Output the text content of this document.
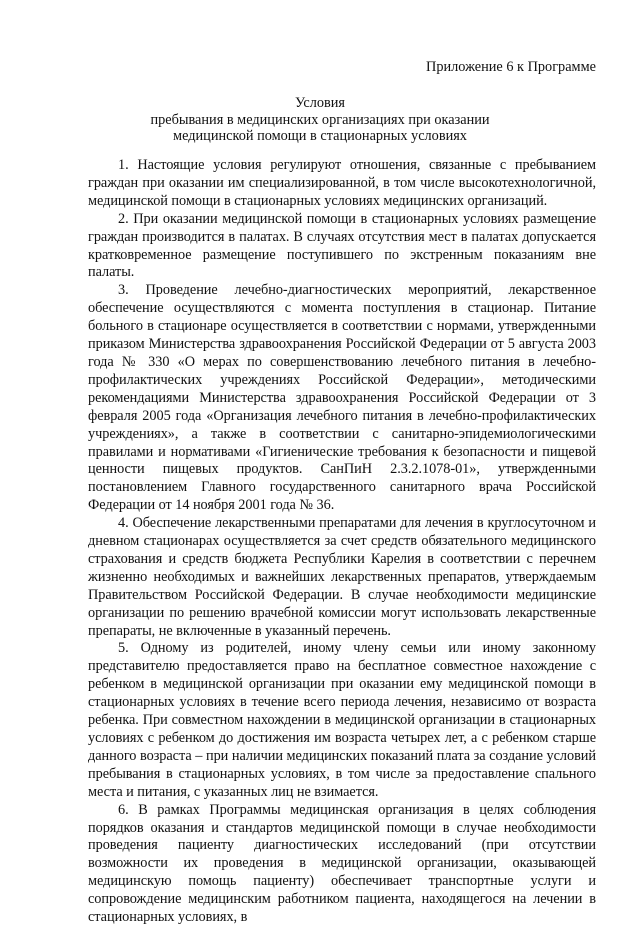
Приложение 6 к Программе

Условия
пребывания в медицинских организациях при оказании
медицинской помощи в стационарных условиях

1. Настоящие условия регулируют отношения, связанные с пребыванием граждан при оказании им специализированной, в том числе высокотехнологичной, медицинской помощи в стационарных условиях медицинских организаций.

2. При оказании медицинской помощи в стационарных условиях размещение граждан производится в палатах. В случаях отсутствия мест в палатах допускается кратковременное размещение поступившего по экстренным показаниям вне палаты.

3. Проведение лечебно-диагностических мероприятий, лекарственное обеспечение осуществляются с момента поступления в стационар. Питание больного в стационаре осуществляется в соответствии с нормами, утвержденными приказом Министерства здравоохранения Российской Федерации от 5 августа 2003 года № 330 «О мерах по совершенствованию лечебного питания в лечебно-профилактических учреждениях Российской Федерации», методическими рекомендациями Министерства здравоохранения Российской Федерации от 3 февраля 2005 года «Организация лечебного питания в лечебно-профилактических учреждениях», а также в соответствии с санитарно-эпидемиологическими правилами и нормативами «Гигиенические требования к безопасности и пищевой ценности пищевых продуктов. СанПиН 2.3.2.1078-01», утвержденными постановлением Главного государственного санитарного врача Российской Федерации от 14 ноября 2001 года № 36.

4. Обеспечение лекарственными препаратами для лечения в круглосуточном и дневном стационарах осуществляется за счет средств обязательного медицинского страхования и средств бюджета Республики Карелия в соответствии с перечнем жизненно необходимых и важнейших лекарственных препаратов, утверждаемым Правительством Российской Федерации. В случае необходимости медицинские организации по решению врачебной комиссии могут использовать лекарственные препараты, не включенные в указанный перечень.

5. Одному из родителей, иному члену семьи или иному законному представителю предоставляется право на бесплатное совместное нахождение с ребенком в медицинской организации при оказании ему медицинской помощи в стационарных условиях в течение всего периода лечения, независимо от возраста ребенка. При совместном нахождении в медицинской организации в стационарных условиях с ребенком до достижения им возраста четырех лет, а с ребенком старше данного возраста – при наличии медицинских показаний плата за создание условий пребывания в стационарных условиях, в том числе за предоставление спального места и питания, с указанных лиц не взимается.

6. В рамках Программы медицинская организация в целях соблюдения порядков оказания и стандартов медицинской помощи в случае необходимости проведения пациенту диагностических исследований (при отсутствии возможности их проведения в медицинской организации, оказывающей медицинскую помощь пациенту) обеспечивает транспортные услуги и сопровождение медицинским работником пациента, находящегося на лечении в стационарных условиях, в
